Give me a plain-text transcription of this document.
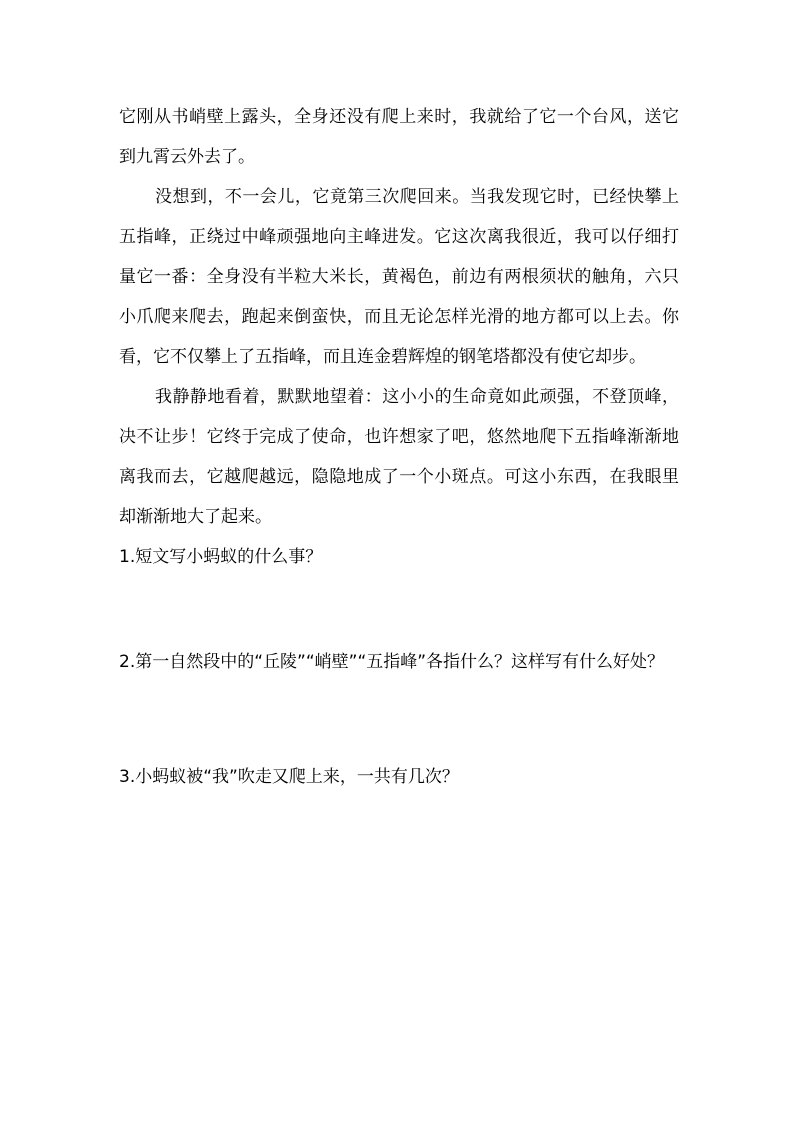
它刚从书峭壁上露头，全身还没有爬上来时，我就给了它一个台风，送它到九霄云外去了。

没想到，不一会儿，它竟第三次爬回来。当我发现它时，已经快攀上五指峰，正绕过中峰顽强地向主峰进发。它这次离我很近，我可以仔细打量它一番：全身没有半粒大米长，黄褐色，前边有两根须状的触角，六只小爪爬来爬去，跑起来倒蛮快，而且无论怎样光滑的地方都可以上去。你看，它不仅攀上了五指峰，而且连金碧辉煌的钢笔塔都没有使它却步。

我静静地看着，默默地望着：这小小的生命竟如此顽强，不登顶峰，决不让步！它终于完成了使命，也许想家了吧，悠然地爬下五指峰渐渐地离我而去，它越爬越远，隐隐地成了一个小斑点。可这小东西，在我眼里却渐渐地大了起来。

1.短文写小蚂蚁的什么事？

2.第一自然段中的“丘陵”“峭壁”“五指峰”各指什么？这样写有什么好处？

3.小蚂蚁被“我”吹走又爬上来，一共有几次？
